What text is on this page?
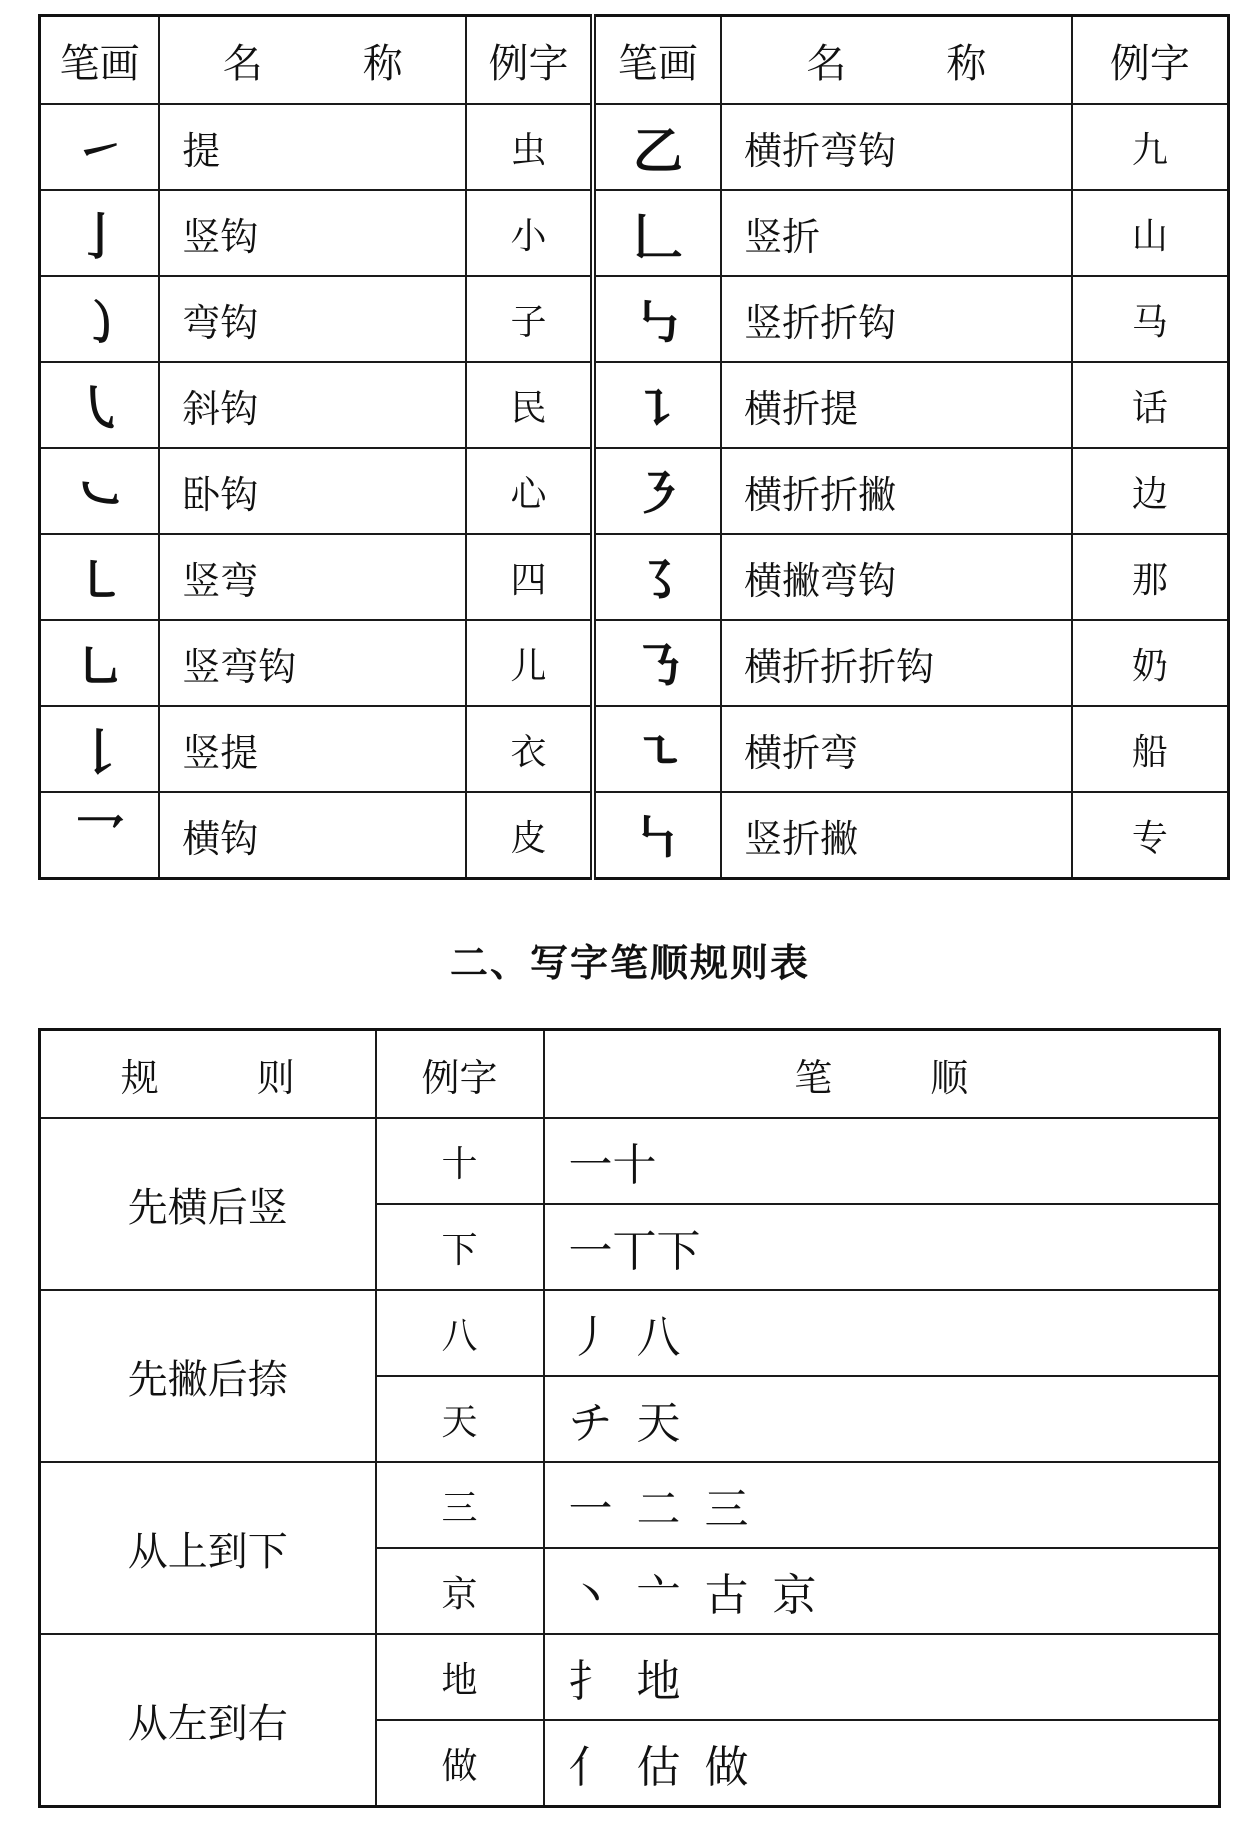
笔画	名　称	例字	笔画	名　称	例字
㇀	提	虫	乙	横折弯钩	九
亅	竖钩	小	𠃊	竖折	山
㇁	弯钩	子	㇉	竖折折钩	马
㇂	斜钩	民	㇊	横折提	话
㇃	卧钩	心	㇋	横折折撇	边
㇄	竖弯	四	㇌	横撇弯钩	那
㇟	竖弯钩	儿	㇡	横折折折钩	奶
𠄌	竖提	衣	㇍	横折弯	船
乛	横钩	皮	㇞	竖折撇	专
二、写字笔顺规则表
规　则	例字	笔　顺
先横后竖	十	一十
	下	一丅下
先撇后捺	八	丿 八
	天	チ 天
从上到下	三	一 二 三
	京	丶 亠 古 京
从左到右	地	扌 地
	做	亻 估 做
